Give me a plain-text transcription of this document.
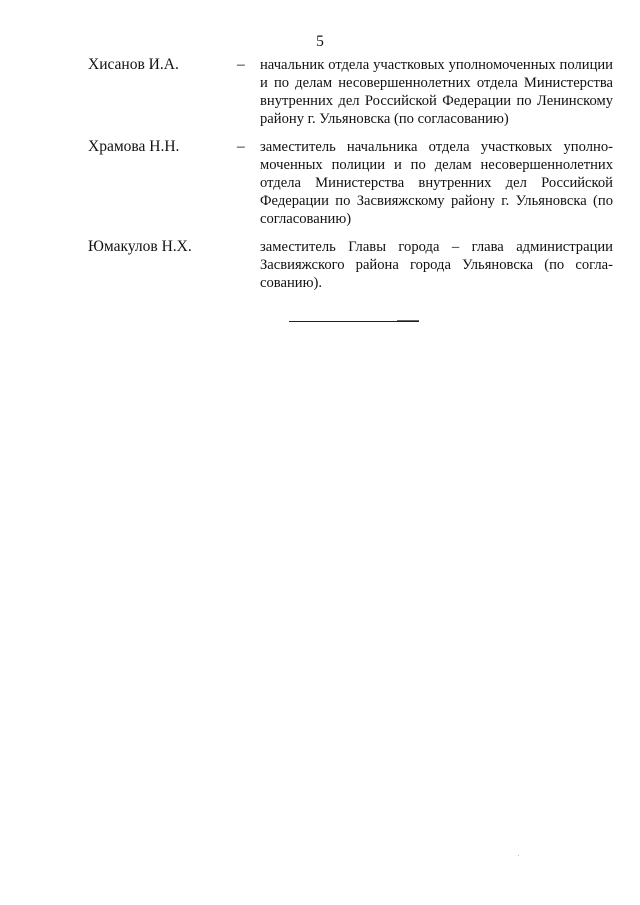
5
Хисанов И.А.	– начальник отдела участковых уполномоченных полиции и по делам несовершеннолетних отдела Министерства внутренних дел Российской Федерации по Ленинскому району г. Ульяновска (по согласованию)
Храмова Н.Н.	– заместитель начальника отдела участковых уполномоченных полиции и по делам несовершеннолетних отдела Министерства внутренних дел Российской Федерации по Засвияжскому району г. Ульяновска (по согласованию)
Юмакулов Н.Х.	заместитель Главы города – глава администрации Засвияжского района города Ульяновска (по согласованию).
